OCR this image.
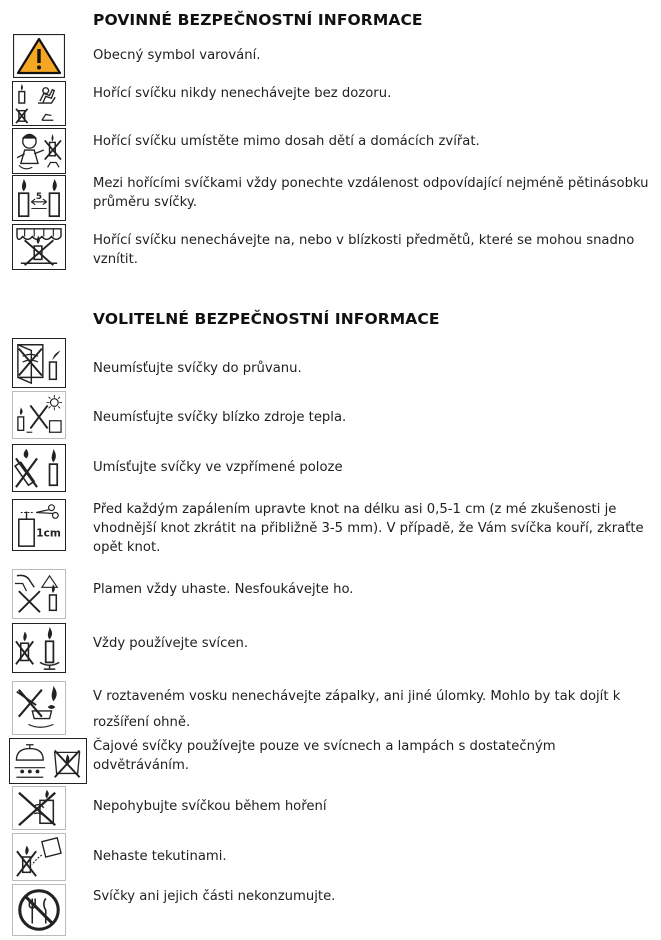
POVINNÉ BEZPEČNOSTNÍ INFORMACE
Obecný symbol varování.
Hořící svíčku nikdy nenechávejte bez dozoru.
Hořící svíčku umístěte mimo dosah dětí a domácích zvířat.
5
Mezi hořícími svíčkami vždy ponechte vzdálenost odpovídající nejméně pětinásobku průměru svíčky.
Hořící svíčku nenechávejte na, nebo v blízkosti předmětů, které se mohou snadno vznítit.
VOLITELNÉ BEZPEČNOSTNÍ INFORMACE
Neumísťujte svíčky do průvanu.
Neumísťujte svíčky blízko zdroje tepla.
Umísťujte svíčky ve vzpřímené poloze
1cm
Před každým zapálením upravte knot na délku asi 0,5-1 cm (z mé zkušenosti je vhodnější knot zkrátit na přibližně 3-5 mm). V případě, že Vám svíčka kouří, zkraťte opět knot.
Plamen vždy uhaste. Nesfoukávejte ho.
Vždy používejte svícen.
V roztaveném vosku nenechávejte zápalky, ani jiné úlomky. Mohlo by tak dojít k rozšíření ohně.
Čajové svíčky používejte pouze ve svícnech a lampách s dostatečným odvětráváním.
Nepohybujte svíčkou během hoření
Nehaste tekutinami.
Svíčky ani jejich části nekonzumujte.
